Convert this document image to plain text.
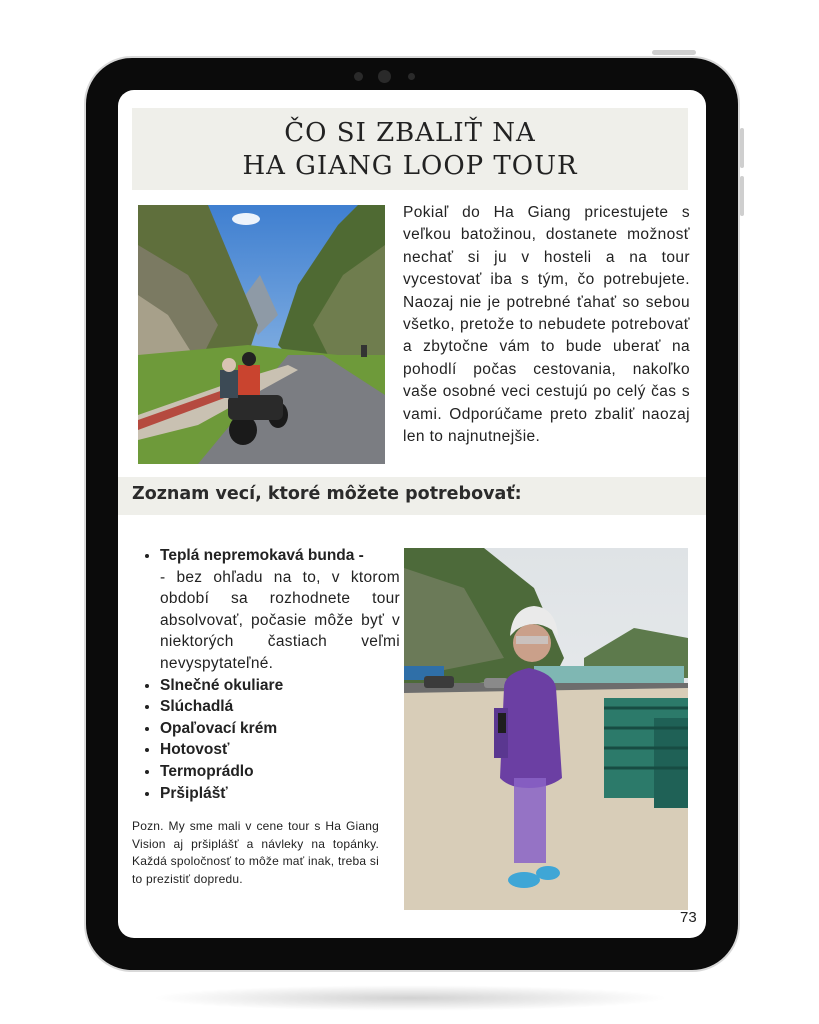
ČO SI ZBALIŤ NA
HA GIANG LOOP TOUR
Pokiaľ do Ha Giang pricestujete s veľkou batožinou, dostanete možnosť nechať si ju v hosteli a na tour vycestovať iba s tým, čo potrebujete. Naozaj nie je potrebné ťahať so sebou všetko, pretože to nebudete potrebovať a zbytočne vám to bude uberať na pohodlí počas cestovania, nakoľko vaše osobné veci cestujú po celý čas s vami. Odporúčame preto zbaliť naozaj len to najnutnejšie.
Zoznam vecí, ktoré môžete potrebovať:
• Teplá nepremokavá bunda -
- bez ohľadu na to, v ktorom období sa rozhodnete tour absolvovať, počasie môže byť v niektorých častiach veľmi nevyspytateľné.
• Slnečné okuliare
• Slúchadlá
• Opaľovací krém
• Hotovosť
• Termoprádlo
• Pršiplášť
Pozn. My sme mali v cene tour s Ha Giang Vision aj pršiplášť a návleky na topánky. Každá spoločnosť to môže mať inak, treba si to prezistiť dopredu.
73
